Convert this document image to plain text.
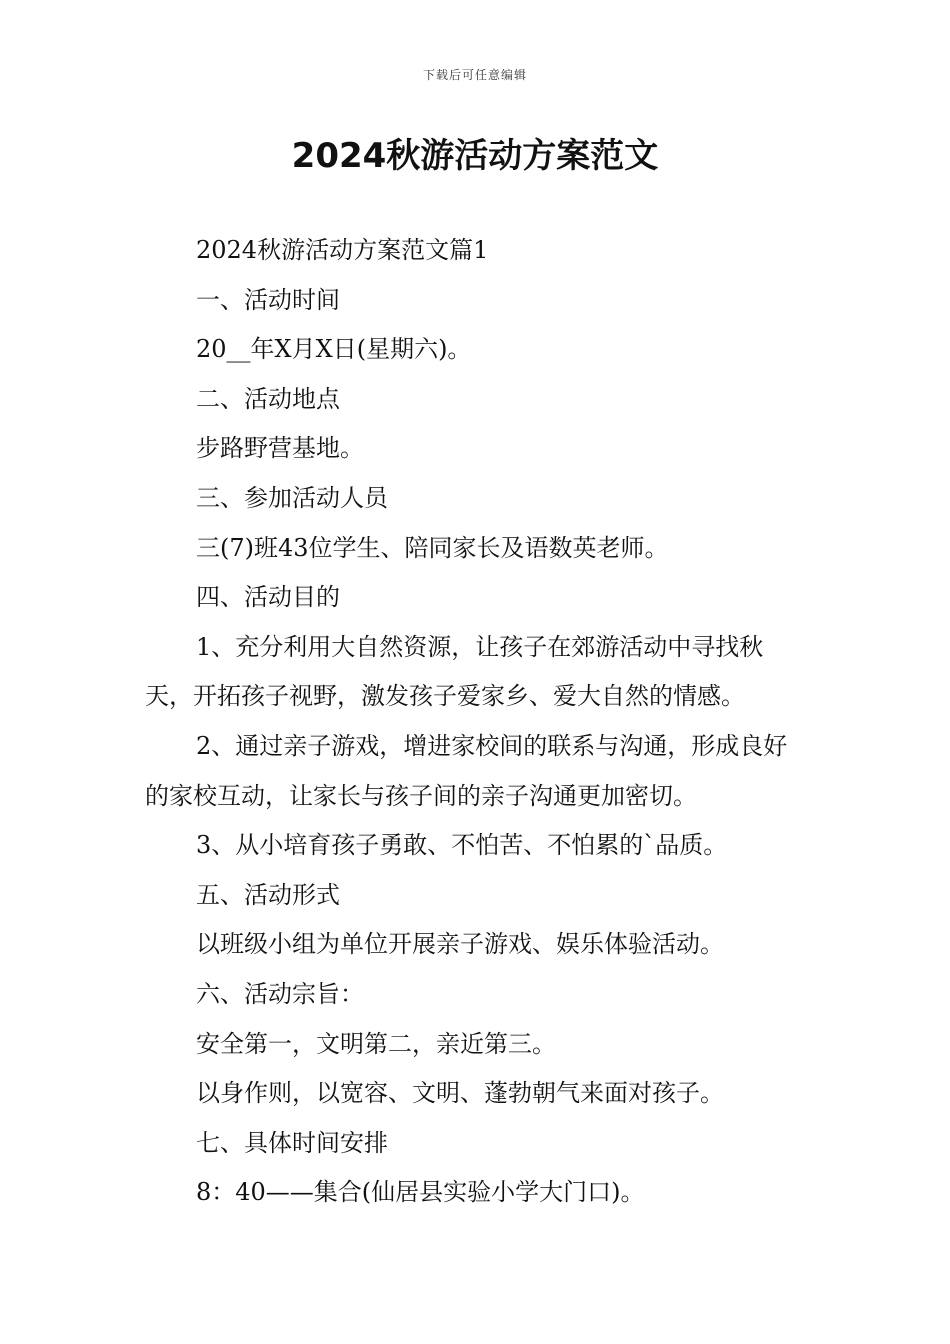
下载后可任意编辑
2024秋游活动方案范文

2024秋游活动方案范文篇1

一、活动时间

20__年X月X日(星期六)。

二、活动地点

步路野营基地。

三、参加活动人员

三(7)班43位学生、陪同家长及语数英老师。

四、活动目的

1、充分利用大自然资源，让孩子在郊游活动中寻找秋天，开拓孩子视野，激发孩子爱家乡、爱大自然的情感。

2、通过亲子游戏，增进家校间的联系与沟通，形成良好的家校互动，让家长与孩子间的亲子沟通更加密切。

3、从小培育孩子勇敢、不怕苦、不怕累的`品质。

五、活动形式

以班级小组为单位开展亲子游戏、娱乐体验活动。

六、活动宗旨：

安全第一，文明第二，亲近第三。

以身作则，以宽容、文明、蓬勃朝气来面对孩子。

七、具体时间安排

8：40——集合(仙居县实验小学大门口)。
